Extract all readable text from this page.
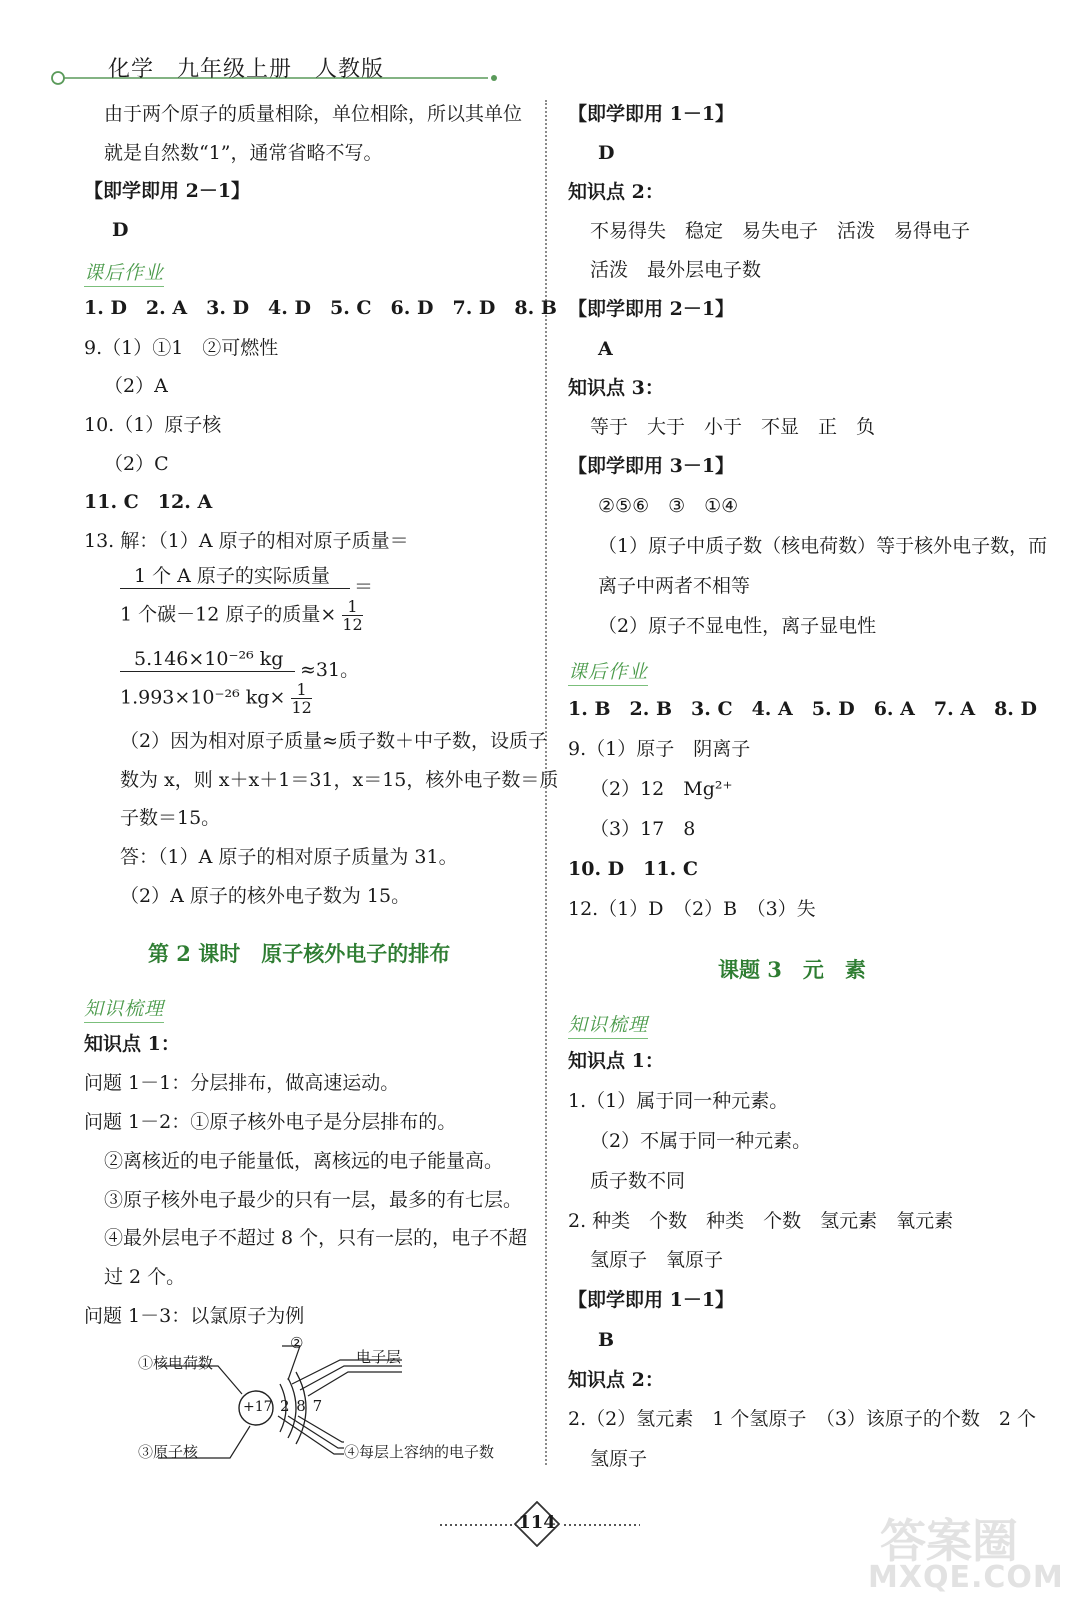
化学　九年级上册　人教版
由于两个原子的质量相除，单位相除，所以其单位
就是自然数“1”，通常省略不写。
【即学即用 2－1】
D
课后作业
1. D　2. A　3. D　4. D　5. C　6. D　7. D　8. B
9.（1）①1　②可燃性
（2）A
10.（1）原子核
（2）C
11. C　12. A
13. 解：（1）A 原子的相对原子质量＝
1 个 A 原子的实际质量	＝
1 个碳－12 原子的质量× $\frac{1}{12}$
5.146×10⁻²⁶ kg ≈31。
1.993×10⁻²⁶ $kg\times \frac{1}{12}$
（2）因为相对原子质量≈质子数＋中子数，设质子
数为 x，则 x＋x＋1＝31，x＝15，核外电子数＝质
子数＝15。
答：（1）A 原子的相对原子质量为 31。
（2）A 原子的核外电子数为 15。
第 2 课时　原子核外电子的排布
知识梳理
知识点 1：
问题 1－1：分层排布，做高速运动。
问题 1－2：①原子核外电子是分层排布的。
②离核近的电子能量低，离核远的电子能量高。
③原子核外电子最少的只有一层，最多的有七层。
④最外层电子不超过 8 个，只有一层的，电子不超
过 2 个。
问题 1－3：以氯原子为例
①核电荷数
②
电子层
③原子核	④每层上容纳的电子数
+17 2 8 7
【即学即用 1－1】
D
知识点 2：
不易得失　稳定　易失电子　活泼　易得电子
活泼　最外层电子数
【即学即用 2－1】
A
知识点 3：
等于　大于　小于　不显　正　负
【即学即用 3－1】
②⑤⑥　③　①④
（1）原子中质子数（核电荷数）等于核外电子数，而
离子中两者不相等
（2）原子不显电性，离子显电性
课后作业
1. B　2. B　3. C　4. A　5. D　6. A　7. A　8. D
9.（1）原子　阴离子
（2）12　Mg²⁺
（3）17　8
10. D　11. C
12.（1）D　（2）B　（3）失
课题 3　元　素
知识梳理
知识点 1：
1.（1）属于同一种元素。
（2）不属于同一种元素。
质子数不同
2. 种类　个数　种类　个数　氢元素　氧元素
氢原子　氧原子
【即学即用 1－1】
B
知识点 2：
2.（2）氢元素　1 个氢原子　（3）该原子的个数　2 个
氢原子
114	答案圈
MXQE.COM
